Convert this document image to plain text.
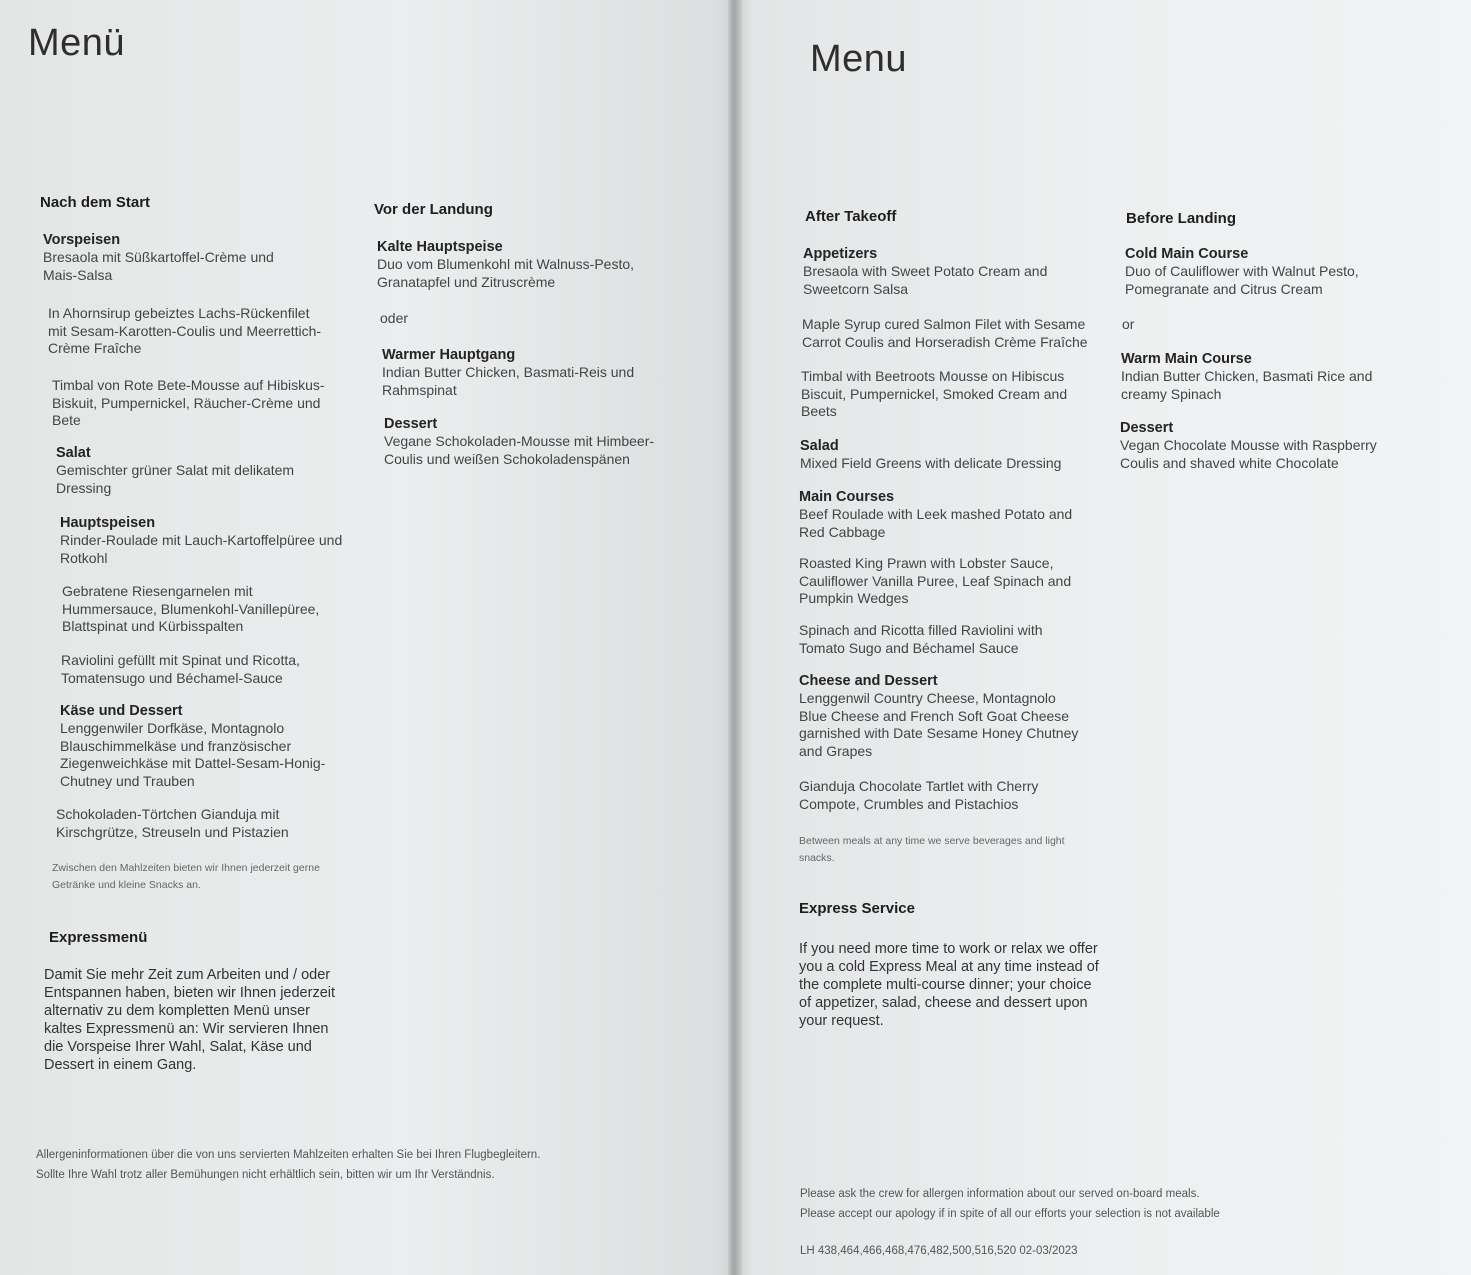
Menü
Nach dem Start
Vorspeisen
Bresaola mit Süßkartoffel-Crème und
Mais-Salsa
In Ahornsirup gebeiztes Lachs-Rückenfilet
mit Sesam-Karotten-Coulis und Meerrettich-
Crème Fraîche
Timbal von Rote Bete-Mousse auf Hibiskus-
Biskuit, Pumpernickel, Räucher-Crème und
Bete
Salat
Gemischter grüner Salat mit delikatem
Dressing
Hauptspeisen
Rinder-Roulade mit Lauch-Kartoffelpüree und
Rotkohl
Gebratene Riesengarnelen mit
Hummersauce, Blumenkohl-Vanillepüree,
Blattspinat und Kürbisspalten
Raviolini gefüllt mit Spinat und Ricotta,
Tomatensugo und Béchamel-Sauce
Käse und Dessert
Lenggenwiler Dorfkäse, Montagnolo
Blauschimmelkäse und französischer
Ziegenweichkäse mit Dattel-Sesam-Honig-
Chutney und Trauben
Schokoladen-Törtchen Gianduja mit
Kirschgrütze, Streuseln und Pistazien
Zwischen den Mahlzeiten bieten wir Ihnen jederzeit gerne
Getränke und kleine Snacks an.
Expressmenü
Damit Sie mehr Zeit zum Arbeiten und / oder
Entspannen haben, bieten wir Ihnen jederzeit
alternativ zu dem kompletten Menü unser
kaltes Expressmenü an: Wir servieren Ihnen
die Vorspeise Ihrer Wahl, Salat, Käse und
Dessert in einem Gang.
Vor der Landung
Kalte Hauptspeise
Duo vom Blumenkohl mit Walnuss-Pesto,
Granatapfel und Zitruscrème
oder
Warmer Hauptgang
Indian Butter Chicken, Basmati-Reis und
Rahmspinat
Dessert
Vegane Schokoladen-Mousse mit Himbeer-
Coulis und weißen Schokoladenspänen
Allergeninformationen über die von uns servierten Mahlzeiten erhalten Sie bei Ihren Flugbegleitern.
Sollte Ihre Wahl trotz aller Bemühungen nicht erhältlich sein, bitten wir um Ihr Verständnis.
Menu
After Takeoff
Appetizers
Bresaola with Sweet Potato Cream and
Sweetcorn Salsa
Maple Syrup cured Salmon Filet with Sesame
Carrot Coulis and Horseradish Crème Fraîche
Timbal with Beetroots Mousse on Hibiscus
Biscuit, Pumpernickel, Smoked Cream and
Beets
Salad
Mixed Field Greens with delicate Dressing
Main Courses
Beef Roulade with Leek mashed Potato and
Red Cabbage
Roasted King Prawn with Lobster Sauce,
Cauliflower Vanilla Puree, Leaf Spinach and
Pumpkin Wedges
Spinach and Ricotta filled Raviolini with
Tomato Sugo and Béchamel Sauce
Cheese and Dessert
Lenggenwil Country Cheese, Montagnolo
Blue Cheese and French Soft Goat Cheese
garnished with Date Sesame Honey Chutney
and Grapes
Gianduja Chocolate Tartlet with Cherry
Compote, Crumbles and Pistachios
Between meals at any time we serve beverages and light
snacks.
Express Service
If you need more time to work or relax we offer
you a cold Express Meal at any time instead of
the complete multi-course dinner; your choice
of appetizer, salad, cheese and dessert upon
your request.
Before Landing
Cold Main Course
Duo of Cauliflower with Walnut Pesto,
Pomegranate and Citrus Cream
or
Warm Main Course
Indian Butter Chicken, Basmati Rice and
creamy Spinach
Dessert
Vegan Chocolate Mousse with Raspberry
Coulis and shaved white Chocolate
Please ask the crew for allergen information about our served on-board meals.
Please accept our apology if in spite of all our efforts your selection is not available
LH 438,464,466,468,476,482,500,516,520 02-03/2023
